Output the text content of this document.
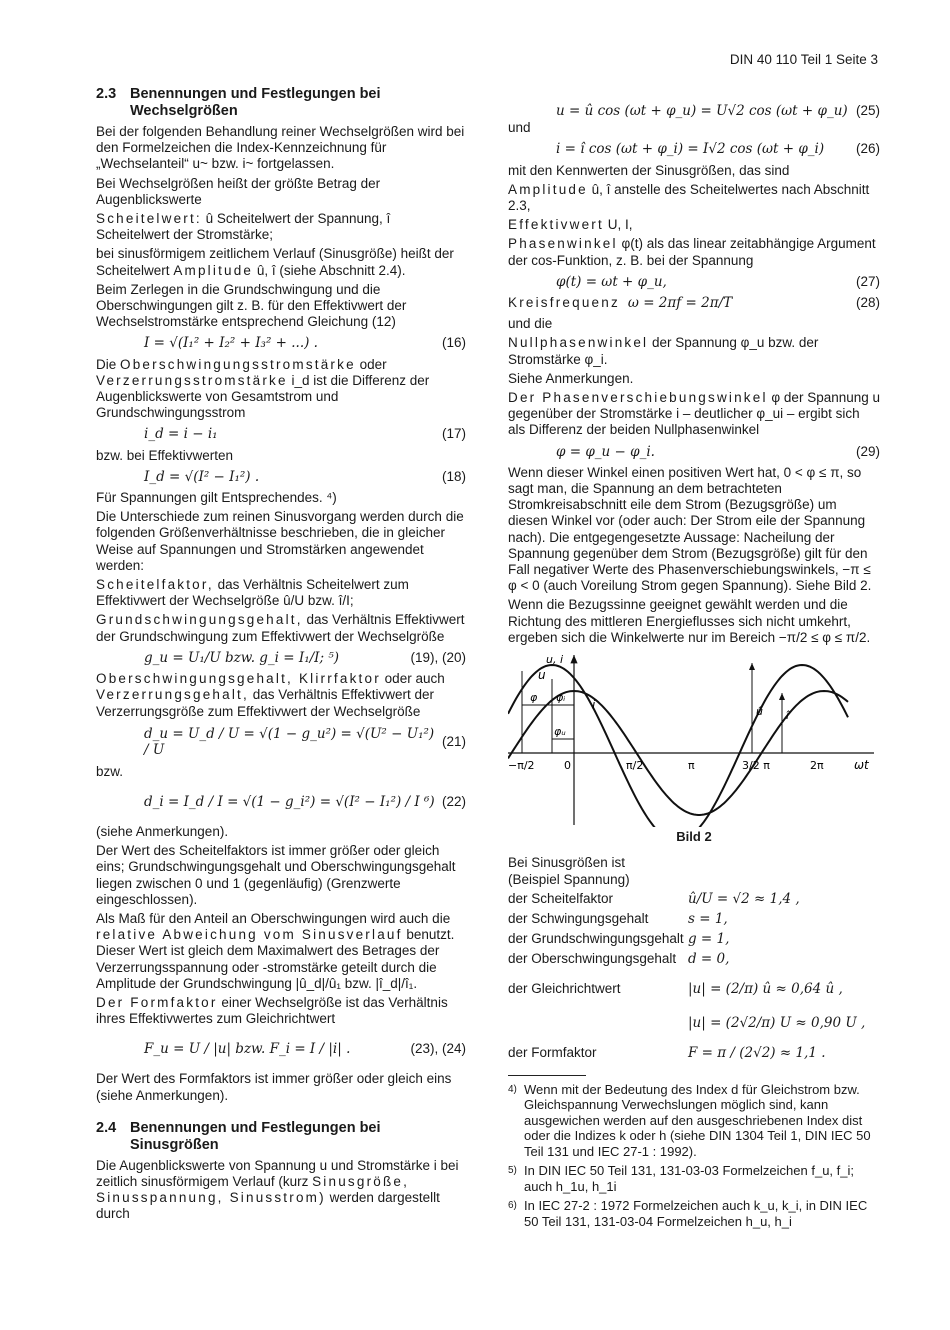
DIN 40 110 Teil 1 Seite 3
2.3 Benennungen und Festlegungen bei Wechselgrößen

Bei der folgenden Behandlung reiner Wechselgrößen wird bei den Formelzeichen die Index-Kennzeichnung für „Wechselanteil“ u~ bzw. i~ fortgelassen.

Bei Wechselgrößen heißt der größte Betrag der Augenblickswerte

Scheitelwert: û Scheitelwert der Spannung, î Scheitelwert der Stromstärke;

bei sinusförmigem zeitlichem Verlauf (Sinusgröße) heißt der Scheitelwert Amplitude û, î (siehe Abschnitt 2.4).

Beim Zerlegen in die Grundschwingung und die Oberschwingungen gilt z. B. für den Effektivwert der Wechselstromstärke entsprechend Gleichung (12)

I = √(I₁² + I₂² + I₃² + ...) .	(16)

Die Oberschwingungsstromstärke oder Verzerrungsstromstärke i_d ist die Differenz der Augenblickswerte von Gesamtstrom und Grundschwingungsstrom

i_d = i − i₁	(17)

bzw. bei Effektivwerten

I_d = √(I² − I₁²) .	(18)

Für Spannungen gilt Entsprechendes. ⁴)

Die Unterschiede zum reinen Sinusvorgang werden durch die folgenden Größenverhältnisse beschrieben, die in gleicher Weise auf Spannungen und Stromstärken angewendet werden:

Scheitelfaktor, das Verhältnis Scheitelwert zum Effektivwert der Wechselgröße û/U bzw. î/I;

Grundschwingungsgehalt, das Verhältnis Effektivwert der Grundschwingung zum Effektivwert der Wechselgröße

g_u = U₁/U bzw. g_i = I₁/I; ⁵)	(19), (20)

Oberschwingungsgehalt, Klirrfaktor oder auch Verzerrungsgehalt, das Verhältnis Effektivwert der Verzerrungsgröße zum Effektivwert der Wechselgröße

d_u = U_d / U = √(1 − g_u²) = √(U² − U₁²) / U
(21)

bzw.

d_i = I_d / I = √(1 − g_i²) = √(I² − I₁²) / I ⁶) (22)

(siehe Anmerkungen).

Der Wert des Scheitelfaktors ist immer größer oder gleich eins; Grundschwingungsgehalt und Oberschwingungsgehalt liegen zwischen 0 und 1 (gegenläufig) (Grenzwerte eingeschlossen).

Als Maß für den Anteil an Oberschwingungen wird auch die relative Abweichung vom Sinusverlauf benutzt. Dieser Wert ist gleich dem Maximalwert des Betrages der Verzerrungsspannung oder -stromstärke geteilt durch die Amplitude der Grundschwingung |û_d|/û₁ bzw. |î_d|/î₁.

Der Formfaktor einer Wechselgröße ist das Verhältnis ihres Effektivwertes zum Gleichrichtwert

F_u = U / |u| bzw. F_i = I / |i| .	(23), (24)

Der Wert des Formfaktors ist immer größer oder gleich eins (siehe Anmerkungen).

2.4 Benennungen und Festlegungen bei Sinusgrößen

Die Augenblickswerte von Spannung u und Stromstärke i bei zeitlich sinusförmigem Verlauf (kurz Sinusgröße, Sinusspannung, Sinusstrom) werden dargestellt durch

u = û cos (ωt + φ_u) = U√2 cos (ωt + φ_u) (25)

und

i = î cos (ωt + φ_i) = I√2 cos (ωt + φ_i) (26)

mit den Kennwerten der Sinusgrößen, das sind

Amplitude û, î anstelle des Scheitelwertes nach Abschnitt 2.3,

Effektivwert U, I,

Phasenwinkel φ(t) als das linear zeitabhängige Argument der cos-Funktion, z. B. bei der Spannung

φ(t) = ωt + φ_u,	(27)
Kreisfrequenz ω = 2πf = 2π/T	(28)

und die

Nullphasenwinkel der Spannung φ_u bzw. der Stromstärke φ_i.

Siehe Anmerkungen.

Der Phasenverschiebungswinkel φ der Spannung u gegenüber der Stromstärke i – deutlicher φ_ui – ergibt sich als Differenz der beiden Nullphasenwinkel

φ = φ_u − φ_i.	(29)

Wenn dieser Winkel einen positiven Wert hat, 0 < φ ≤ π, so sagt man, die Spannung an dem betrachteten Stromkreisabschnitt eile dem Strom (Bezugsgröße) um diesen Winkel vor (oder auch: Der Strom eile der Spannung nach). Die entgegengesetzte Aussage: Nacheilung der Spannung gegenüber dem Strom (Bezugsgröße) gilt für den Fall negativer Werte des Phasenverschiebungswinkels, −π ≤ φ < 0 (auch Voreilung Strom gegen Spannung). Siehe Bild 2.

Wenn die Bezugssinne geeignet gewählt werden und die Richtung des mittleren Energieflusses sich nicht umkehrt, ergeben sich die Winkelwerte nur im Bereich −π/2 ≤ φ ≤ π/2.

u, i
u
i
φ φᵢ
φᵤ
û î
−π/2	0	π/2	π	3/2 π	2π	ωt
Bild 2

Bei Sinusgrößen ist

(Beispiel Spannung)

der Scheitelfaktor	û/U = √2 ≈ 1,4 ,
der Schwingungsgehalt	s = 1,
der Grundschwingungsgehalt g = 1,
der Oberschwingungsgehalt d = 0,
der Gleichrichtwert	|u| = (2/π) û ≈ 0,64 û ,
|u| = (2√2/π) U ≈ 0,90 U ,
der Formfaktor	F = π / (2√2) ≈ 1,1 .
4) Wenn mit der Bedeutung des Index d für Gleichstrom bzw. Gleichspannung Verwechslungen möglich sind, kann ausgewichen werden auf den ausgeschriebenen Index dist oder die Indizes k oder h (siehe DIN 1304 Teil 1, DIN IEC 50 Teil 131 und IEC 27-1 : 1992).
5) In DIN IEC 50 Teil 131, 131-03-03 Formelzeichen f_u, f_i; auch h_1u, h_1i
6) In IEC 27-2 : 1972 Formelzeichen auch k_u, k_i, in DIN IEC 50 Teil 131, 131-03-04 Formelzeichen h_u, h_i
